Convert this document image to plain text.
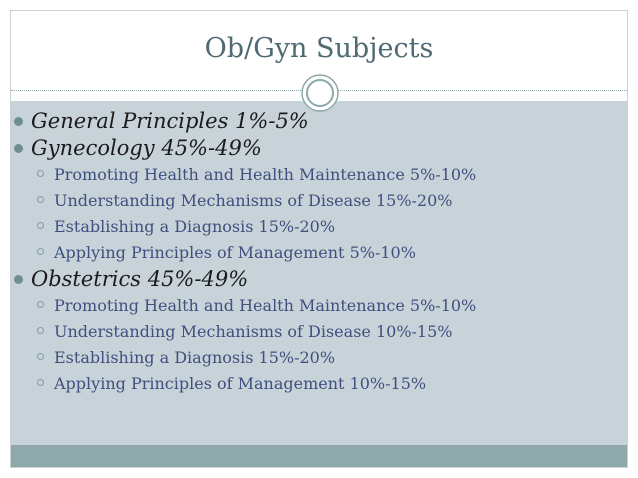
Ob/Gyn Subjects
General Principles 1%-5%
Gynecology 45%-49%
Promoting Health and Health Maintenance 5%-10%
Understanding Mechanisms of Disease 15%-20%
Establishing a Diagnosis 15%-20%
Applying Principles of Management 5%-10%
Obstetrics 45%-49%
Promoting Health and Health Maintenance 5%-10%
Understanding Mechanisms of Disease 10%-15%
Establishing a Diagnosis 15%-20%
Applying Principles of Management 10%-15%
